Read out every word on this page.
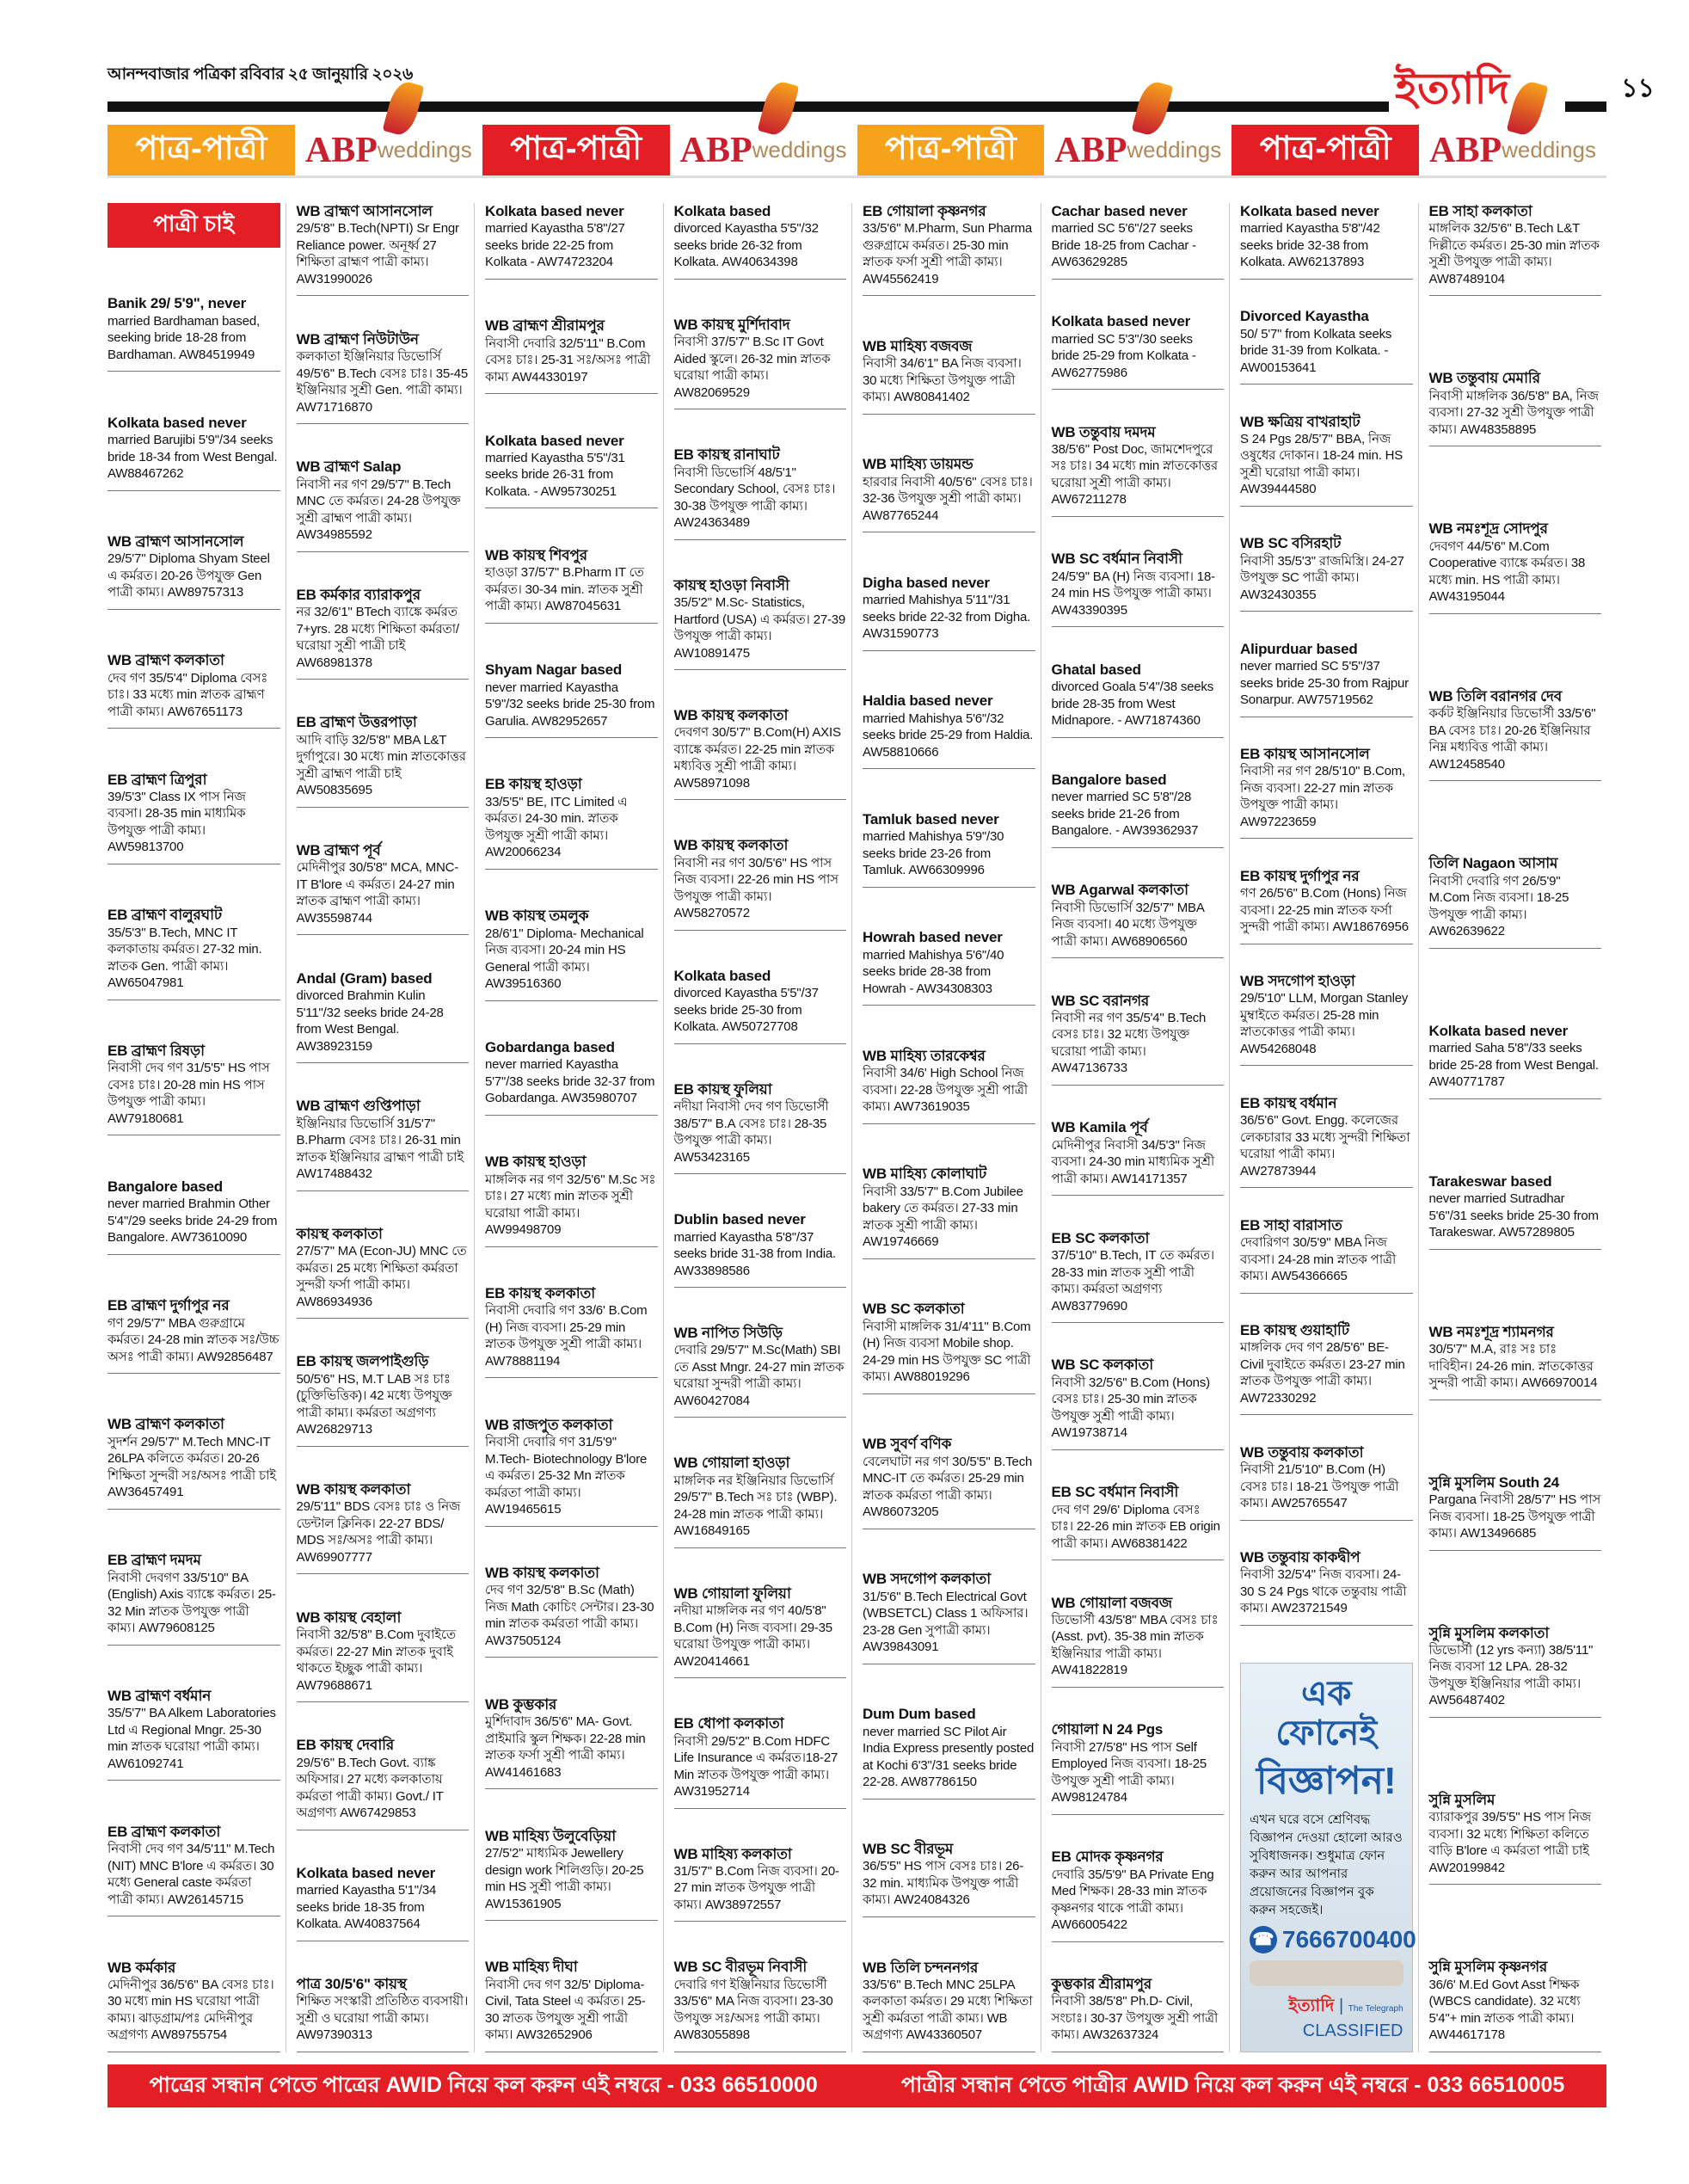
আনন্দবাজার পত্রিকা রবিবার ২৫ জানুয়ারি ২০২৬	ইত্যাদি	১১
পাত্র-পাত্রী	ABP weddings	পাত্র-পাত্রী	ABP weddings	পাত্র-পাত্রী	ABP weddings	পাত্র-পাত্রী	ABP weddings
পাত্রী চাই
Banik 29/ 5'9", never
married Bardhaman based, seeking bride 18-28 from Bardhaman. AW84519949
Kolkata based never
married Barujibi 5'9"/34 seeks bride 18-34 from West Bengal. AW88467262
WB ব্রাহ্মণ আসানসোল
29/5'7" Diploma Shyam Steel এ কর্মরত। 20-26 উপযুক্ত Gen পাত্রী কাম্য। AW89757313
WB ব্রাহ্মণ কলকাতা
দেব গণ 35/5'4" Diploma বেসঃ চাঃ। 33 মধ্যে min স্নাতক ব্রাহ্মণ পাত্রী কাম্য। AW67651173
EB ব্রাহ্মণ ত্রিপুরা
39/5'3" Class IX পাস নিজ ব্যবসা। 28-35 min মাধ্যমিক উপযুক্ত পাত্রী কাম্য। AW59813700
EB ব্রাহ্মণ বালুরঘাট
35/5'3" B.Tech, MNC IT কলকাতায় কর্মরত। 27-32 min. স্নাতক Gen. পাত্রী কাম্য। AW65047981
EB ব্রাহ্মণ রিষড়া
নিবাসী দেব গণ 31/5'5" HS পাস বেসঃ চাঃ। 20-28 min HS পাস উপযুক্ত পাত্রী কাম্য। AW79180681
Bangalore based
never married Brahmin Other 5'4"/29 seeks bride 24-29 from Bangalore. AW73610090
EB ব্রাহ্মণ দুর্গাপুর নর
গণ 29/5'7" MBA গুরুগ্রামে কর্মরত। 24-28 min স্নাতক সঃ/উচ্চ অসঃ পাত্রী কাম্য। AW92856487
WB ব্রাহ্মণ কলকাতা
সুদর্শন 29/5'7" M.Tech MNC-IT 26LPA কলিতে কর্মরত। 20-26 শিক্ষিতা সুন্দরী সঃ/অসঃ পাত্রী চাই AW36457491
EB ব্রাহ্মণ দমদম
নিবাসী দেবগণ 33/5'10" BA (English) Axis ব্যাঙ্কে কর্মরত। 25-32 Min স্নাতক উপযুক্ত পাত্রী কাম্য। AW79608125
WB ব্রাহ্মণ বর্ধমান
35/5'7" BA Alkem Laboratories Ltd এ Regional Mngr. 25-30 min স্নাতক ঘরোয়া পাত্রী কাম্য। AW61092741
EB ব্রাহ্মণ কলকাতা
নিবাসী দেব গণ 34/5'11" M.Tech (NIT) MNC B'lore এ কর্মরত। 30 মধ্যে General caste কর্মরতা পাত্রী কাম্য। AW26145715
WB কর্মকার
মেদিনীপুর 36/5'6" BA বেসঃ চাঃ। 30 মধ্যে min HS ঘরোয়া পাত্রী কাম্য। ঝাড়গ্রাম/পঃ মেদিনীপুর অগ্রগণ্য AW89755754
WB ব্রাহ্মণ আসানসোল
29/5'8" B.Tech(NPTI) Sr Engr Reliance power. অনূর্ধ্ব 27 শিক্ষিতা ব্রাহ্মণ পাত্রী কাম্য। AW31990026
WB ব্রাহ্মণ নিউটাউন
কলকাতা ইঞ্জিনিয়ার ডিভোর্সি 49/5'6" B.Tech বেসঃ চাঃ। 35-45 ইঞ্জিনিয়ার সুশ্রী Gen. পাত্রী কাম্য। AW71716870
WB ব্রাহ্মণ Salap
নিবাসী নর গণ 29/5'7" B.Tech MNC তে কর্মরত। 24-28 উপযুক্ত সুশ্রী ব্রাহ্মণ পাত্রী কাম্য। AW34985592
EB কর্মকার ব্যারাকপুর
নর 32/6'1" BTech ব্যাঙ্কে কর্মরত 7+yrs. 28 মধ্যে শিক্ষিতা কর্মরতা/ঘরোয়া সুশ্রী পাত্রী চাই AW68981378
EB ব্রাহ্মণ উত্তরপাড়া
আদি বাড়ি 32/5'8" MBA L&T দুর্গাপুরে। 30 মধ্যে min স্নাতকোত্তর সুশ্রী ব্রাহ্মণ পাত্রী চাই AW50835695
WB ব্রাহ্মণ পূর্ব
মেদিনীপুর 30/5'8" MCA, MNC- IT B'lore এ কর্মরত। 24-27 min স্নাতক ব্রাহ্মণ পাত্রী কাম্য। AW35598744
Andal (Gram) based
divorced Brahmin Kulin 5'11"/32 seeks bride 24-28 from West Bengal. AW38923159
WB ব্রাহ্মণ গুপ্তিপাড়া
ইঞ্জিনিয়ার ডিভোর্সি 31/5'7" B.Pharm বেসঃ চাঃ। 26-31 min স্নাতক ইঞ্জিনিয়ার ব্রাহ্মণ পাত্রী চাই AW17488432
কায়স্থ কলকাতা
27/5'7" MA (Econ-JU) MNC তে কর্মরত। 25 মধ্যে শিক্ষিতা কর্মরতা সুন্দরী ফর্সা পাত্রী কাম্য। AW86934936
EB কায়স্থ জলপাইগুড়ি
50/5'6" HS, M.T LAB সঃ চাঃ (চুক্তিভিত্তিক)। 42 মধ্যে উপযুক্ত পাত্রী কাম্য। কর্মরতা অগ্রগণ্য AW26829713
WB কায়স্থ কলকাতা
29/5'11" BDS বেসঃ চাঃ ও নিজ ডেন্টাল ক্লিনিক। 22-27 BDS/ MDS সঃ/অসঃ পাত্রী কাম্য। AW69907777
WB কায়স্থ বেহালা
নিবাসী 32/5'8" B.Com দুবাইতে কর্মরত। 22-27 Min স্নাতক দুবাই থাকতে ইচ্ছুক পাত্রী কাম্য। AW79688671
EB কায়স্থ দেবারি
29/5'6" B.Tech Govt. ব্যাঙ্ক অফিসার। 27 মধ্যে কলকাতায় কর্মরতা পাত্রী কাম্য। Govt./ IT অগ্রগণ্য AW67429853
Kolkata based never
married Kayastha 5'1"/34 seeks bride 18-35 from Kolkata. AW40837564
পাত্র 30/5'6" কায়স্থ
শিক্ষিত সংস্কারী প্রতিষ্ঠিত ব্যবসায়ী। সুশ্রী ও ঘরোয়া পাত্রী কাম্য। AW97390313
Kolkata based never
married Kayastha 5'8"/27 seeks bride 22-25 from Kolkata - AW74723204
WB ব্রাহ্মণ শ্রীরামপুর
নিবাসী দেবারি 32/5'11" B.Com বেসঃ চাঃ। 25-31 সঃ/অসঃ পাত্রী কাম্য AW44330197
Kolkata based never
married Kayastha 5'5"/31 seeks bride 26-31 from Kolkata. - AW95730251
WB কায়স্থ শিবপুর
হাওড়া 37/5'7" B.Pharm IT তে কর্মরত। 30-34 min. স্নাতক সুশ্রী পাত্রী কাম্য। AW87045631
Shyam Nagar based
never married Kayastha 5'9"/32 seeks bride 25-30 from Garulia. AW82952657
EB কায়স্থ হাওড়া
33/5'5" BE, ITC Limited এ কর্মরত। 24-30 min. স্নাতক উপযুক্ত সুশ্রী পাত্রী কাম্য। AW20066234
WB কায়স্থ তমলুক
28/6'1" Diploma- Mechanical নিজ ব্যবসা। 20-24 min HS General পাত্রী কাম্য। AW39516360
Gobardanga based
never married Kayastha 5'7"/38 seeks bride 32-37 from Gobardanga. AW35980707
WB কায়স্থ হাওড়া
মাঙ্গলিক নর গণ 32/5'6" M.Sc সঃ চাঃ। 27 মধ্যে min স্নাতক সুশ্রী ঘরোয়া পাত্রী কাম্য। AW99498709
EB কায়স্থ কলকাতা
নিবাসী দেবারি গণ 33/6' B.Com (H) নিজ ব্যবসা। 25-29 min স্নাতক উপযুক্ত সুশ্রী পাত্রী কাম্য। AW78881194
WB রাজপুত কলকাতা
নিবাসী দেবারি গণ 31/5'9" M.Tech- Biotechnology B'lore এ কর্মরত। 25-32 Mn স্নাতক কর্মরতা পাত্রী কাম্য। AW19465615
WB কায়স্থ কলকাতা
দেব গণ 32/5'8" B.Sc (Math) নিজ Math কোচিং সেন্টার। 23-30 min স্নাতক কর্মরতা পাত্রী কাম্য। AW37505124
WB কুম্ভকার
মুর্শিদাবাদ 36/5'6" MA- Govt. প্রাইমারি স্কুল শিক্ষক। 22-28 min স্নাতক ফর্সা সুশ্রী পাত্রী কাম্য। AW41461683
WB মাহিষ্য উলুবেড়িয়া
27/5'2" মাধ্যমিক Jewellery design work শিলিগুড়ি। 20-25 min HS সুশ্রী পাত্রী কাম্য। AW15361905
WB মাহিষ্য দীঘা
নিবাসী দেব গণ 32/5' Diploma- Civil, Tata Steel এ কর্মরত। 25-30 স্নাতক উপযুক্ত সুশ্রী পাত্রী কাম্য। AW32652906
Kolkata based
divorced Kayastha 5'5"/32 seeks bride 26-32 from Kolkata. AW40634398
WB কায়স্থ মুর্শিদাবাদ
নিবাসী 37/5'7" B.Sc IT Govt Aided স্কুলে। 26-32 min স্নাতক ঘরোয়া পাত্রী কাম্য। AW82069529
EB কায়স্থ রানাঘাট
নিবাসী ডিভোর্সি 48/5'1" Secondary School, বেসঃ চাঃ। 30-38 উপযুক্ত পাত্রী কাম্য। AW24363489
কায়স্থ হাওড়া নিবাসী
35/5'2" M.Sc- Statistics, Hartford (USA) এ কর্মরত। 27-39 উপযুক্ত পাত্রী কাম্য। AW10891475
WB কায়স্থ কলকাতা
দেবগণ 30/5'7" B.Com(H) AXIS ব্যাঙ্কে কর্মরত। 22-25 min স্নাতক মধ্যবিত্ত সুশ্রী পাত্রী কাম্য। AW58971098
WB কায়স্থ কলকাতা
নিবাসী নর গণ 30/5'6" HS পাস নিজ ব্যবসা। 22-26 min HS পাস উপযুক্ত পাত্রী কাম্য। AW58270572
Kolkata based
divorced Kayastha 5'5"/37 seeks bride 25-30 from Kolkata. AW50727708
EB কায়স্থ ফুলিয়া
নদীয়া নিবাসী দেব গণ ডিভোর্সী 38/5'7" B.A বেসঃ চাঃ। 28-35 উপযুক্ত পাত্রী কাম্য। AW53423165
Dublin based never
married Kayastha 5'8"/37 seeks bride 31-38 from India. AW33898586
WB নাপিত সিউড়ি
দেবারি 29/5'7" M.Sc(Math) SBI তে Asst Mngr. 24-27 min স্নাতক ঘরোয়া সুন্দরী পাত্রী কাম্য। AW60427084
WB গোয়ালা হাওড়া
মাঙ্গলিক নর ইঞ্জিনিয়ার ডিভোর্সি 29/5'7" B.Tech সঃ চাঃ (WBP). 24-28 min স্নাতক পাত্রী কাম্য। AW16849165
WB গোয়ালা ফুলিয়া
নদীয়া মাঙ্গলিক নর গণ 40/5'8" B.Com (H) নিজ ব্যবসা। 29-35 ঘরোয়া উপযুক্ত পাত্রী কাম্য। AW20414661
EB ধোপা কলকাতা
নিবাসী 29/5'2" B.Com HDFC Life Insurance এ কর্মরত।18-27 Min স্নাতক উপযুক্ত পাত্রী কাম্য। AW31952714
WB মাহিষ্য কলকাতা
31/5'7" B.Com নিজ ব্যবসা। 20-27 min স্নাতক উপযুক্ত পাত্রী কাম্য। AW38972557
WB SC বীরভূম নিবাসী
দেবারি গণ ইঞ্জিনিয়ার ডিভোর্সী 33/5'6" MA নিজ ব্যবসা। 23-30 উপযুক্ত সঃ/অসঃ পাত্রী কাম্য। AW83055898
EB গোয়ালা কৃষ্ণনগর
33/5'6" M.Pharm, Sun Pharma গুরুগ্রামে কর্মরত। 25-30 min স্নাতক ফর্সা সুশ্রী পাত্রী কাম্য। AW45562419
WB মাহিষ্য বজবজ
নিবাসী 34/6'1" BA নিজ ব্যবসা। 30 মধ্যে শিক্ষিতা উপযুক্ত পাত্রী কাম্য। AW80841402
WB মাহিষ্য ডায়মন্ড
হারবার নিবাসী 40/5'6" বেসঃ চাঃ। 32-36 উপযুক্ত সুশ্রী পাত্রী কাম্য। AW87765244
Digha based never
married Mahishya 5'11"/31 seeks bride 22-32 from Digha. AW31590773
Haldia based never
married Mahishya 5'6"/32 seeks bride 25-29 from Haldia. AW58810666
Tamluk based never
married Mahishya 5'9"/30 seeks bride 23-26 from Tamluk. AW66309996
Howrah based never
married Mahishya 5'6"/40 seeks bride 28-38 from Howrah - AW34308303
WB মাহিষ্য তারকেশ্বর
নিবাসী 34/6' High School নিজ ব্যবসা। 22-28 উপযুক্ত সুশ্রী পাত্রী কাম্য। AW73619035
WB মাহিষ্য কোলাঘাট
নিবাসী 33/5'7" B.Com Jubilee bakery তে কর্মরত। 27-33 min স্নাতক সুশ্রী পাত্রী কাম্য। AW19746669
WB SC কলকাতা
নিবাসী মাঙ্গলিক 31/4'11" B.Com (H) নিজ ব্যবসা Mobile shop. 24-29 min HS উপযুক্ত SC পাত্রী কাম্য। AW88019296
WB সুবর্ণ বণিক
বেলেঘাটা নর গণ 30/5'5" B.Tech MNC-IT তে কর্মরত। 25-29 min স্নাতক কর্মরতা পাত্রী কাম্য। AW86073205
WB সদগোপ কলকাতা
31/5'6" B.Tech Electrical Govt (WBSETCL) Class 1 অফিসার। 23-28 Gen সুপাত্রী কাম্য। AW39843091
Dum Dum based
never married SC Pilot Air India Express presently posted at Kochi 6'3"/31 seeks bride 22-28. AW87786150
WB SC বীরভূম
36/5'5" HS পাস বেসঃ চাঃ। 26-32 min. মাধ্যমিক উপযুক্ত পাত্রী কাম্য। AW24084326
WB তিলি চন্দননগর
33/5'6" B.Tech MNC 25LPA কলকাতা কর্মরত। 29 মধ্যে শিক্ষিতা সুশ্রী কর্মরতা পাত্রী কাম্য। WB অগ্রগণ্য AW43360507
Cachar based never
married SC 5'6"/27 seeks Bride 18-25 from Cachar - AW63629285
Kolkata based never
married SC 5'3"/30 seeks bride 25-29 from Kolkata -AW62775986
WB তন্তুবায় দমদম
38/5'6" Post Doc, জামশেদপুরে সঃ চাঃ। 34 মধ্যে min স্নাতকোত্তর ঘরোয়া সুশ্রী পাত্রী কাম্য। AW67211278
WB SC বর্ধমান নিবাসী
24/5'9" BA (H) নিজ ব্যবসা। 18-24 min HS উপযুক্ত পাত্রী কাম্য। AW43390395
Ghatal based
divorced Goala 5'4"/38 seeks bride 28-35 from West Midnapore. - AW71874360
Bangalore based
never married SC 5'8"/28 seeks bride 21-26 from Bangalore. - AW39362937
WB Agarwal কলকাতা
নিবাসী ডিভোর্সি 32/5'7" MBA নিজ ব্যবসা। 40 মধ্যে উপযুক্ত পাত্রী কাম্য। AW68906560
WB SC বরানগর
নিবাসী নর গণ 35/5'4" B.Tech বেসঃ চাঃ। 32 মধ্যে উপযুক্ত ঘরোয়া পাত্রী কাম্য। AW47136733
WB Kamila পূর্ব
মেদিনীপুর নিবাসী 34/5'3" নিজ ব্যবসা। 24-30 min মাধ্যমিক সুশ্রী পাত্রী কাম্য। AW14171357
EB SC কলকাতা
37/5'10" B.Tech, IT তে কর্মরত। 28-33 min স্নাতক সুশ্রী পাত্রী কাম্য। কর্মরতা অগ্রগণ্য AW83779690
WB SC কলকাতা
নিবাসী 32/5'6" B.Com (Hons) বেসঃ চাঃ। 25-30 min স্নাতক উপযুক্ত সুশ্রী পাত্রী কাম্য। AW19738714
EB SC বর্ধমান নিবাসী
দেব গণ 29/6' Diploma বেসঃ চাঃ। 22-26 min স্নাতক EB origin পাত্রী কাম্য। AW68381422
WB গোয়ালা বজবজ
ডিভোর্সী 43/5'8" MBA বেসঃ চাঃ (Asst. pvt). 35-38 min স্নাতক ইঞ্জিনিয়ার পাত্রী কাম্য। AW41822819
গোয়ালা N 24 Pgs
নিবাসী 27/5'8" HS পাস Self Employed নিজ ব্যবসা। 18-25 উপযুক্ত সুশ্রী পাত্রী কাম্য। AW98124784
EB মোদক কৃষ্ণনগর
দেবারি 35/5'9" BA Private Eng Med শিক্ষক। 28-33 min স্নাতক কৃষ্ণনগর থাকে পাত্রী কাম্য। AW66005422
কুম্ভকার শ্রীরামপুর
নিবাসী 38/5'8" Ph.D- Civil, সংচাঃ। 30-37 উপযুক্ত সুশ্রী পাত্রী কাম্য। AW32637324
Kolkata based never
married Kayastha 5'8"/42 seeks bride 32-38 from Kolkata. AW62137893
Divorced Kayastha
50/ 5'7" from Kolkata seeks bride 31-39 from Kolkata. - AW00153641
WB ক্ষত্রিয় বাখরাহাট
S 24 Pgs 28/5'7" BBA, নিজ ওষুধের দোকান। 18-24 min. HS সুশ্রী ঘরোয়া পাত্রী কাম্য। AW39444580
WB SC বসিরহাট
নিবাসী 35/5'3" রাজমিস্ত্রি। 24-27 উপযুক্ত SC পাত্রী কাম্য। AW32430355
Alipurduar based
never married SC 5'5"/37 seeks bride 25-30 from Rajpur Sonarpur. AW75719562
EB কায়স্থ আসানসোল
নিবাসী নর গণ 28/5'10" B.Com, নিজ ব্যবসা। 22-27 min স্নাতক উপযুক্ত পাত্রী কাম্য। AW97223659
EB কায়স্থ দুর্গাপুর নর
গণ 26/5'6" B.Com (Hons) নিজ ব্যবসা। 22-25 min স্নাতক ফর্সা সুন্দরী পাত্রী কাম্য। AW18676956
WB সদগোপ হাওড়া
29/5'10" LLM, Morgan Stanley মুম্বাইতে কর্মরত। 25-28 min স্নাতকোত্তর পাত্রী কাম্য। AW54268048
EB কায়স্থ বর্ধমান
36/5'6" Govt. Engg. কলেজের লেকচারার 33 মধ্যে সুন্দরী শিক্ষিতা ঘরোয়া পাত্রী কাম্য। AW27873944
EB সাহা বারাসাত
দেবারিগণ 30/5'9" MBA নিজ ব্যবসা। 24-28 min স্নাতক পাত্রী কাম্য। AW54366665
EB কায়স্থ গুয়াহাটি
মাঙ্গলিক দেব গণ 28/5'6" BE- Civil দুবাইতে কর্মরত। 23-27 min স্নাতক উপযুক্ত পাত্রী কাম্য। AW72330292
WB তন্তুবায় কলকাতা
নিবাসী 21/5'10" B.Com (H) বেসঃ চাঃ। 18-21 উপযুক্ত পাত্রী কাম্য। AW25765547
WB তন্তুবায় কাকদ্বীপ
নিবাসী 32/5'4" নিজ ব্যবসা। 24-30 S 24 Pgs থাকে তন্তুবায় পাত্রী কাম্য। AW23721549
এক ফোনেই
বিজ্ঞাপন!
এখন ঘরে বসে শ্রেণিবদ্ধ বিজ্ঞাপন দেওয়া হোলো আরও সুবিধাজনক। শুধুমাত্র ফোন করুন আর আপনার প্রয়োজনের বিজ্ঞাপন বুক করুন সহজেই।
☎ 7666700400
ইত্যাদি | The Telegraph CLASSIFIED
EB সাহা কলকাতা
মাঙ্গলিক 32/5'6" B.Tech L&T দিল্লীতে কর্মরত। 25-30 min স্নাতক সুশ্রী উপযুক্ত পাত্রী কাম্য। AW87489104
WB তন্তুবায় মেমারি
নিবাসী মাঙ্গলিক 36/5'8" BA, নিজ ব্যবসা। 27-32 সুশ্রী উপযুক্ত পাত্রী কাম্য। AW48358895
WB নমঃশূদ্র সোদপুর
দেবগণ 44/5'6" M.Com Cooperative ব্যাঙ্কে কর্মরত। 38 মধ্যে min. HS পাত্রী কাম্য। AW43195044
WB তিলি বরানগর দেব
কর্কট ইঞ্জিনিয়ার ডিভোর্সী 33/5'6" BA বেসঃ চাঃ। 20-26 ইঞ্জিনিয়ার নিম্ন মধ্যবিত্ত পাত্রী কাম্য। AW12458540
তিলি Nagaon আসাম
নিবাসী দেবারি গণ 26/5'9" M.Com নিজ ব্যবসা। 18-25 উপযুক্ত পাত্রী কাম্য। AW62639622
Kolkata based never
married Saha 5'8"/33 seeks bride 25-28 from West Bengal. AW40771787
Tarakeswar based
never married Sutradhar 5'6"/31 seeks bride 25-30 from Tarakeswar. AW57289805
WB নমঃশূদ্র শ্যামনগর
30/5'7" M.A, রাঃ সঃ চাঃ দাবিহীন। 24-26 min. স্নাতকোত্তর সুন্দরী পাত্রী কাম্য। AW66970014
সুন্নি মুসলিম South 24
Pargana নিবাসী 28/5'7" HS পাস নিজ ব্যবসা। 18-25 উপযুক্ত পাত্রী কাম্য। AW13496685
সুন্নি মুসলিম কলকাতা
ডিভোর্সী (12 yrs কন্যা) 38/5'11" নিজ ব্যবসা 12 LPA. 28-32 উপযুক্ত ইঞ্জিনিয়ার পাত্রী কাম্য। AW56487402
সুন্নি মুসলিম
ব্যারাকপুর 39/5'5" HS পাস নিজ ব্যবসা। 32 মধ্যে শিক্ষিতা কলিতে বাড়ি B'lore এ কর্মরতা পাত্রী চাই AW20199842
সুন্নি মুসলিম কৃষ্ণনগর
36/6' M.Ed Govt Asst শিক্ষক (WBCS candidate). 32 মধ্যে 5'4"+ min স্নাতক পাত্রী কাম্য। AW44617178
পাত্রের সন্ধান পেতে পাত্রের AWID নিয়ে কল করুন এই নম্বরে - 033 66510000	পাত্রীর সন্ধান পেতে পাত্রীর AWID নিয়ে কল করুন এই নম্বরে - 033 66510005
